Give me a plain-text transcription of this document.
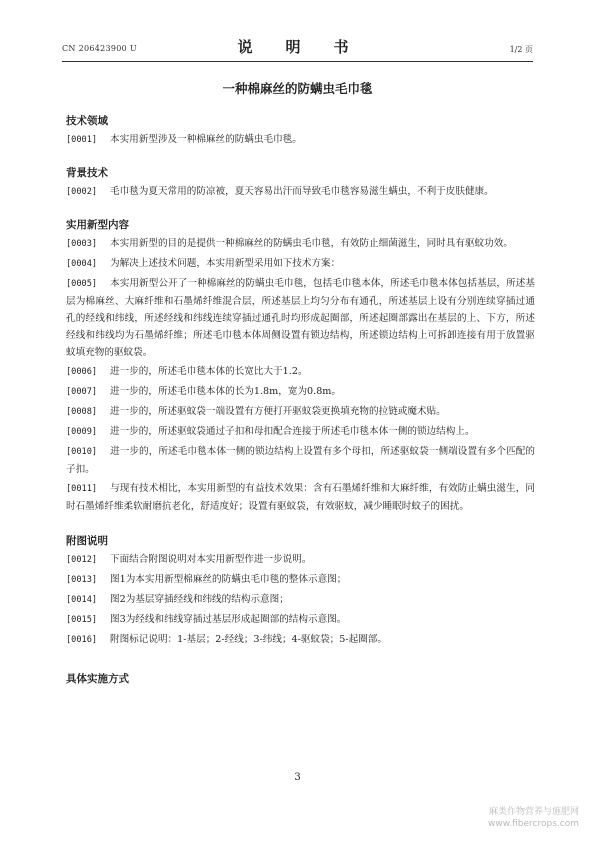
CN 206423900 U	说　明　书	1/2 页
一种棉麻丝的防螨虫毛巾毯
技术领域

[0001] 本实用新型涉及一种棉麻丝的防螨虫毛巾毯。

背景技术

[0002] 毛巾毯为夏天常用的防凉被，夏天容易出汗而导致毛巾毯容易滋生螨虫，不利于皮肤健康。

实用新型内容

[0003] 本实用新型的目的是提供一种棉麻丝的防螨虫毛巾毯，有效防止细菌滋生，同时具有驱蚊功效。

[0004] 为解决上述技术问题，本实用新型采用如下技术方案：

[0005] 本实用新型公开了一种棉麻丝的防螨虫毛巾毯，包括毛巾毯本体，所述毛巾毯本体包括基层，所述基层为棉麻丝、大麻纤维和石墨烯纤维混合层，所述基层上均匀分布有通孔，所述基层上设有分别连续穿插过通孔的经线和纬线，所述经线和纬线连续穿插过通孔时均形成起圈部，所述起圈部露出在基层的上、下方，所述经线和纬线均为石墨烯纤维；所述毛巾毯本体周侧设置有锁边结构，所述锁边结构上可拆卸连接有用于放置驱蚊填充物的驱蚊袋。

[0006] 进一步的，所述毛巾毯本体的长宽比大于1.2。

[0007] 进一步的，所述毛巾毯本体的长为1.8m，宽为0.8m。

[0008] 进一步的，所述驱蚊袋一端设置有方便打开驱蚊袋更换填充物的拉链或魔术贴。

[0009] 进一步的，所述驱蚊袋通过子扣和母扣配合连接于所述毛巾毯本体一侧的锁边结构上。

[0010] 进一步的，所述毛巾毯本体一侧的锁边结构上设置有多个母扣，所述驱蚊袋一侧端设置有多个匹配的子扣。

[0011] 与现有技术相比，本实用新型的有益技术效果：含有石墨烯纤维和大麻纤维，有效防止螨虫滋生，同时石墨烯纤维柔软耐磨抗老化，舒适度好；设置有驱蚊袋，有效驱蚊，减少睡眠时蚊子的困扰。

附图说明

[0012] 下面结合附图说明对本实用新型作进一步说明。

[0013] 图1为本实用新型棉麻丝的防螨虫毛巾毯的整体示意图；

[0014] 图2为基层穿插经线和纬线的结构示意图；

[0015] 图3为经线和纬线穿插过基层形成起圈部的结构示意图。

[0016] 附图标记说明：1-基层；2-经线；3-纬线；4-驱蚊袋；5-起圈部。

具体实施方式
3
麻类作物营养与施肥网
www.fibercrops.com
